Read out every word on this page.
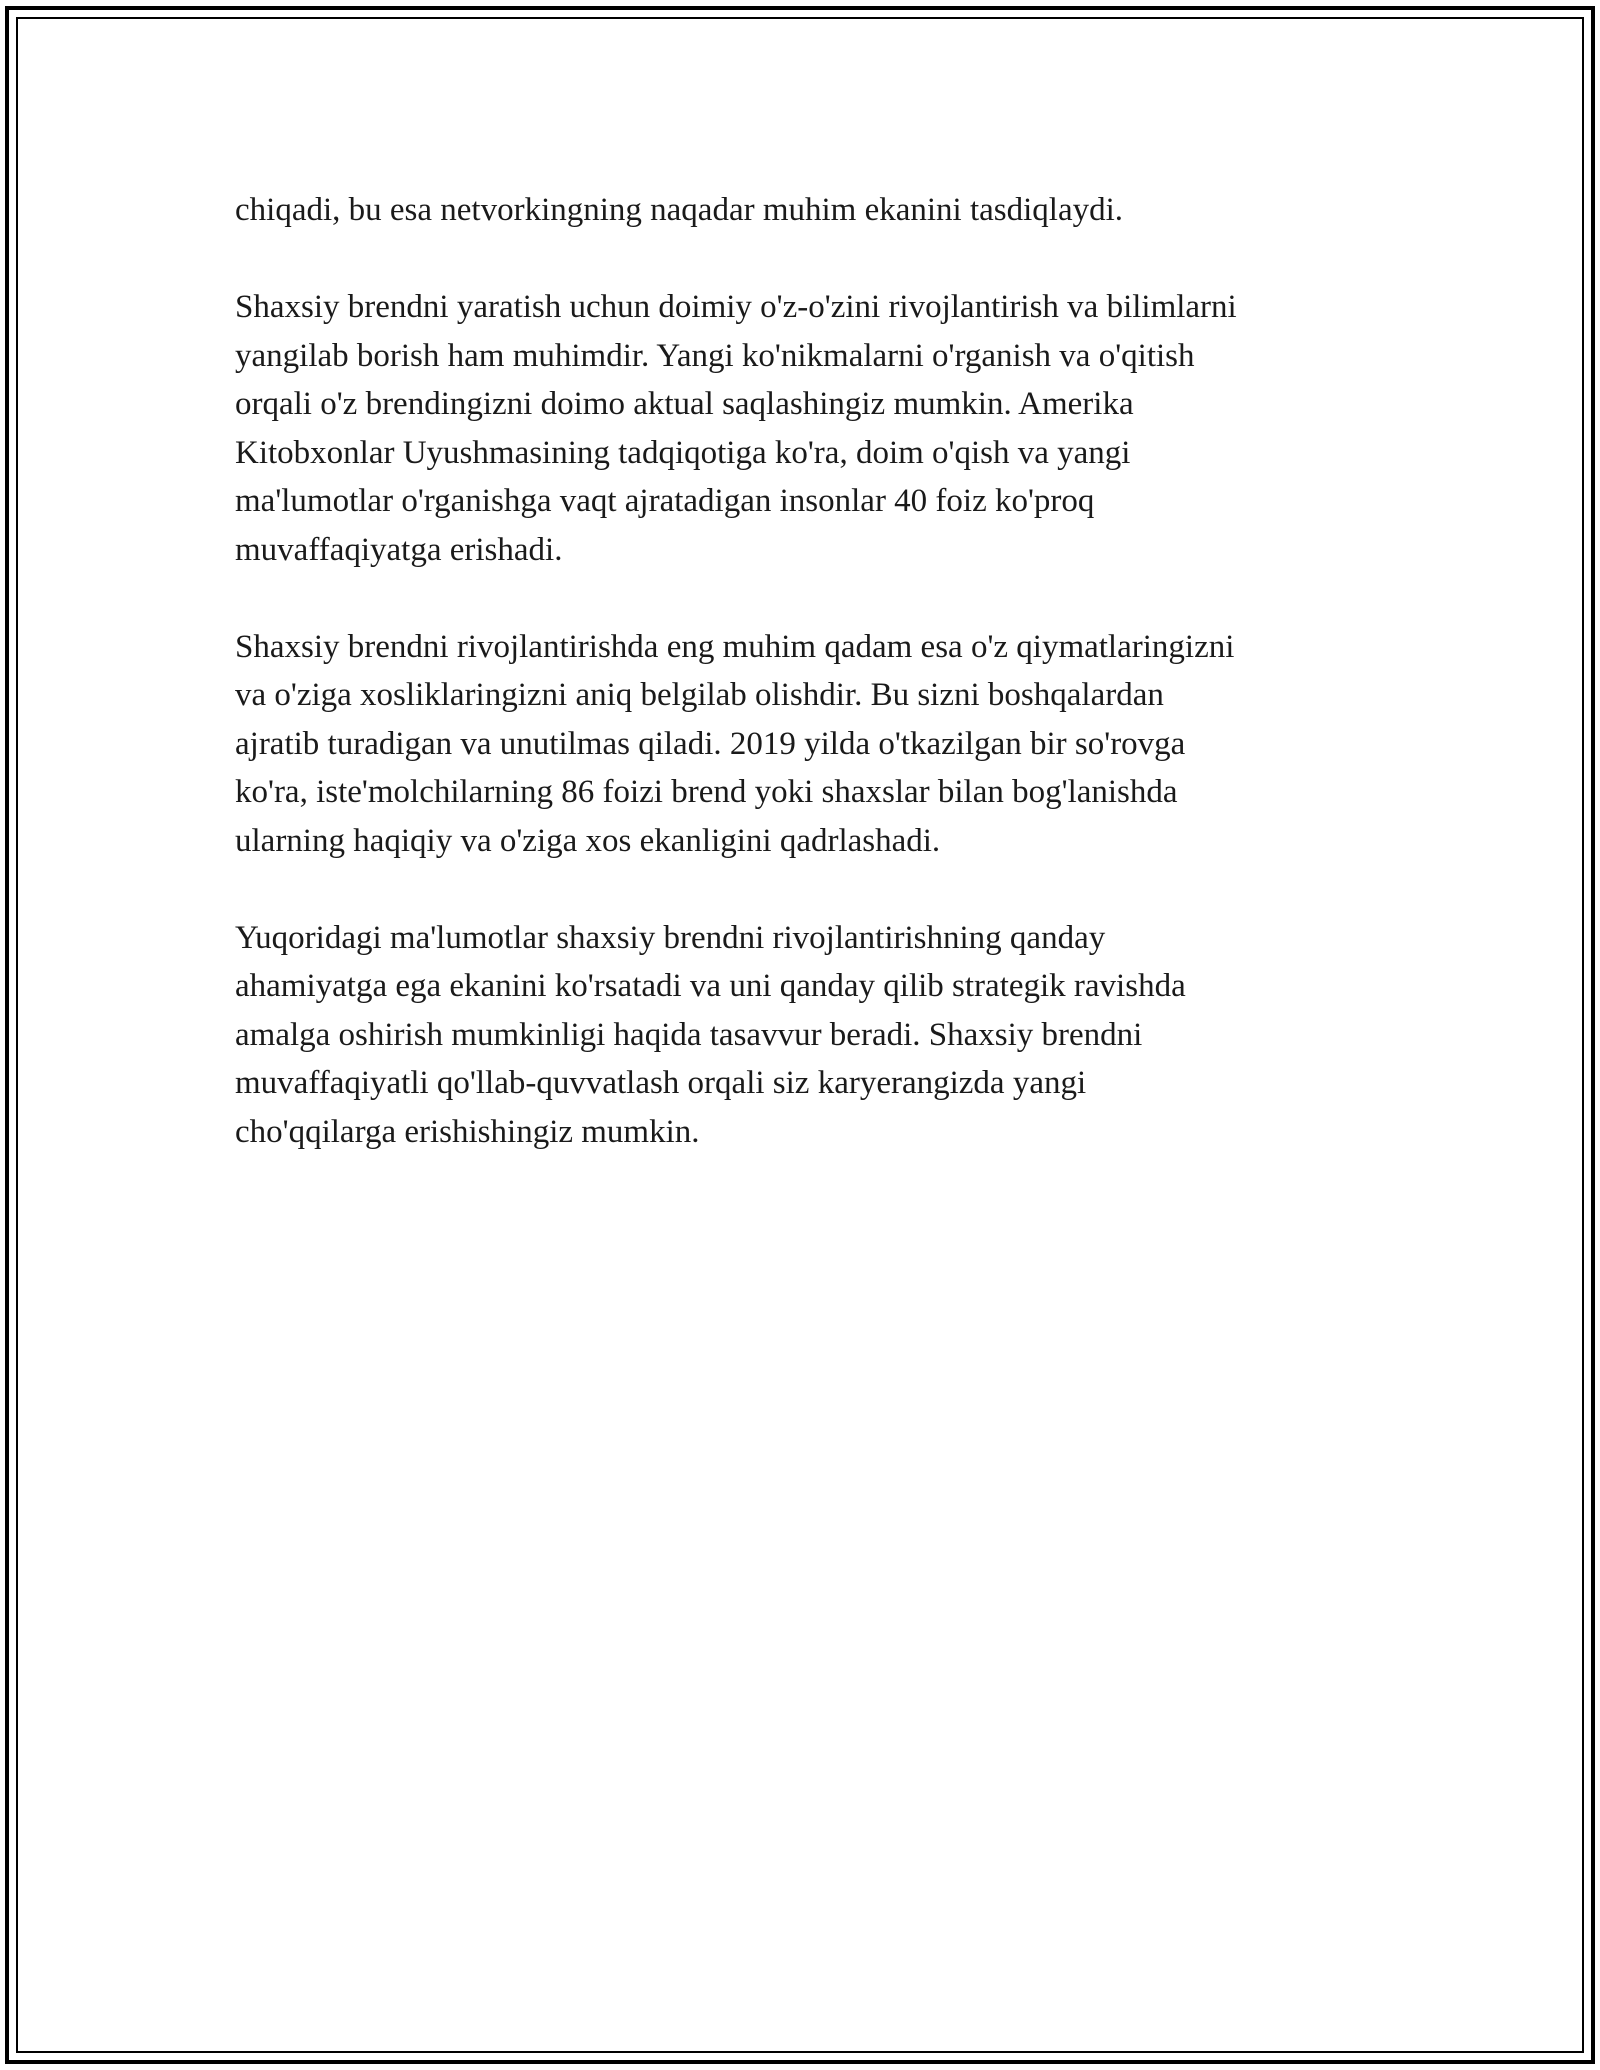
chiqadi, bu esa netvorkingning naqadar muhim ekanini tasdiqlaydi.

Shaxsiy brendni yaratish uchun doimiy o'z-o'zini rivojlantirish va bilimlarni
yangilab borish ham muhimdir. Yangi ko'nikmalarni o'rganish va o'qitish
orqali o'z brendingizni doimo aktual saqlashingiz mumkin. Amerika
Kitobxonlar Uyushmasining tadqiqotiga ko'ra, doim o'qish va yangi
ma'lumotlar o'rganishga vaqt ajratadigan insonlar 40 foiz ko'proq
muvaffaqiyatga erishadi.

Shaxsiy brendni rivojlantirishda eng muhim qadam esa o'z qiymatlaringizni
va o'ziga xosliklaringizni aniq belgilab olishdir. Bu sizni boshqalardan
ajratib turadigan va unutilmas qiladi. 2019 yilda o'tkazilgan bir so'rovga
ko'ra, iste'molchilarning 86 foizi brend yoki shaxslar bilan bog'lanishda
ularning haqiqiy va o'ziga xos ekanligini qadrlashadi.

Yuqoridagi ma'lumotlar shaxsiy brendni rivojlantirishning qanday
ahamiyatga ega ekanini ko'rsatadi va uni qanday qilib strategik ravishda
amalga oshirish mumkinligi haqida tasavvur beradi. Shaxsiy brendni
muvaffaqiyatli qo'llab-quvvatlash orqali siz karyerangizda yangi
cho'qqilarga erishishingiz mumkin.
